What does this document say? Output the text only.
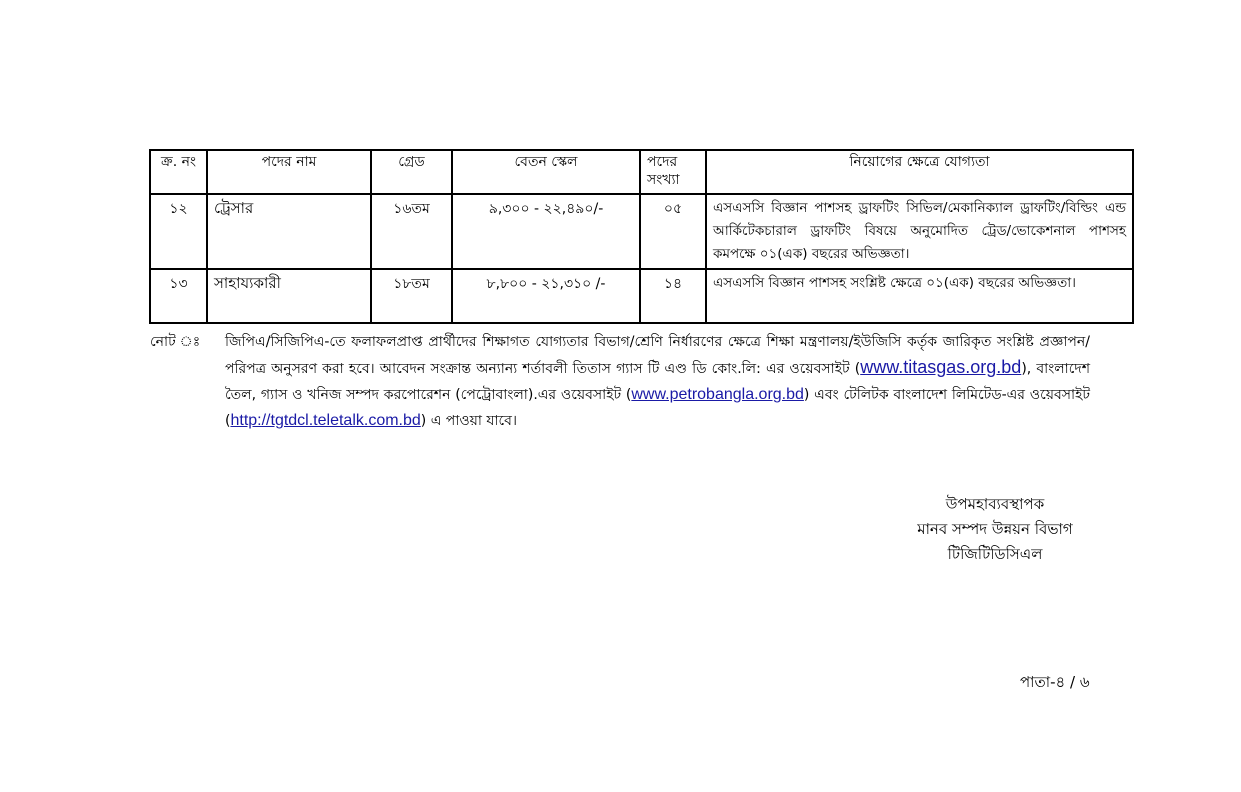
ক্র. নং	পদের নাম	গ্রেড	বেতন স্কেল	পদের সংখ্যা	নিয়োগের ক্ষেত্রে যোগ্যতা
১২	ট্রেসার	১৬তম	৯,৩০০ - ২২,৪৯০/-	০৫	এসএসসি বিজ্ঞান পাশসহ ড্রাফটিং সিভিল/মেকানিক্যাল ড্রাফটিং/বিল্ডিং এন্ড আর্কিটেকচারাল ড্রাফটিং বিষয়ে অনুমোদিত ট্রেড/ভোকেশনাল পাশসহ কমপক্ষে ০১(এক) বছরের অভিজ্ঞতা।
১৩	সাহায্যকারী	১৮তম	৮,৮০০ - ২১,৩১০ /-	১৪	এসএসসি বিজ্ঞান পাশসহ সংশ্লিষ্ট ক্ষেত্রে ০১(এক) বছরের অভিজ্ঞতা।
নোট ঃ জিপিএ/সিজিপিএ-তে ফলাফলপ্রাপ্ত প্রার্থীদের শিক্ষাগত যোগ্যতার বিভাগ/শ্রেণি নির্ধারণের ক্ষেত্রে শিক্ষা মন্ত্রণালয়/ইউজিসি কর্তৃক জারিকৃত সংশ্লিষ্ট প্রজ্ঞাপন/পরিপত্র অনুসরণ করা হবে। আবেদন সংক্রান্ত অন্যান্য শর্তাবলী তিতাস গ্যাস টি এণ্ড ডি কোং.লি: এর ওয়েবসাইট (www.titasgas.org.bd), বাংলাদেশ তৈল, গ্যাস ও খনিজ সম্পদ করপোরেশন (পেট্রোবাংলা).এর ওয়েবসাইট (www.petrobangla.org.bd) এবং টেলিটক বাংলাদেশ লিমিটেড-এর ওয়েবসাইট (http://tgtdcl.teletalk.com.bd) এ পাওয়া যাবে।
উপমহাব্যবস্থাপক
মানব সম্পদ উন্নয়ন বিভাগ
টিজিটিডিসিএল
পাতা-৪ / ৬
